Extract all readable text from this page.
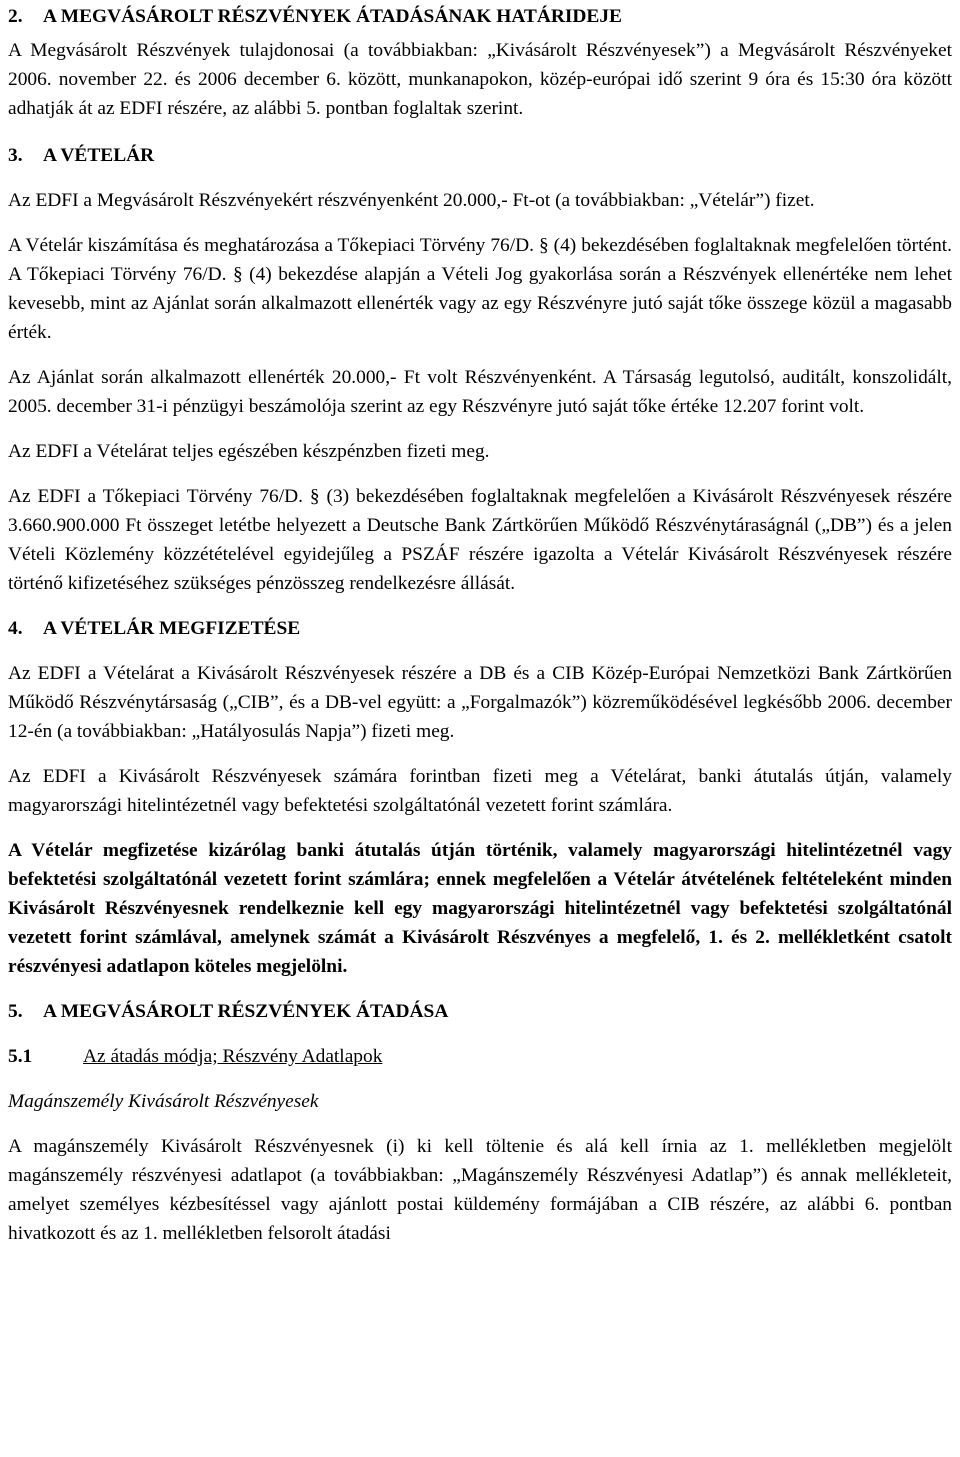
2. A MEGVÁSÁROLT RÉSZVÉNYEK ÁTADÁSÁNAK HATÁRIDEJE

A Megvásárolt Részvények tulajdonosai (a továbbiakban: „Kivásárolt Részvényesek”) a Megvásárolt Részvényeket 2006. november 22. és 2006 december 6. között, munkanapokon, közép-európai idő szerint 9 óra és 15:30 óra között adhatják át az EDFI részére, az alábbi 5. pontban foglaltak szerint.

3. A VÉTELÁR

Az EDFI a Megvásárolt Részvényekért részvényenként 20.000,- Ft-ot (a továbbiakban: „Vételár”) fizet.

A Vételár kiszámítása és meghatározása a Tőkepiaci Törvény 76/D. § (4) bekezdésében foglaltaknak megfelelően történt. A Tőkepiaci Törvény 76/D. § (4) bekezdése alapján a Vételi Jog gyakorlása során a Részvények ellenértéke nem lehet kevesebb, mint az Ajánlat során alkalmazott ellenérték vagy az egy Részvényre jutó saját tőke összege közül a magasabb érték.

Az Ajánlat során alkalmazott ellenérték 20.000,- Ft volt Részvényenként. A Társaság legutolsó, auditált, konszolidált, 2005. december 31-i pénzügyi beszámolója szerint az egy Részvényre jutó saját tőke értéke 12.207 forint volt.

Az EDFI a Vételárat teljes egészében készpénzben fizeti meg.

Az EDFI a Tőkepiaci Törvény 76/D. § (3) bekezdésében foglaltaknak megfelelően a Kivásárolt Részvényesek részére 3.660.900.000 Ft összeget letétbe helyezett a Deutsche Bank Zártkörűen Működő Részvénytáraságnál („DB”) és a jelen Vételi Közlemény közzétételével egyidejűleg a PSZÁF részére igazolta a Vételár Kivásárolt Részvényesek részére történő kifizetéséhez szükséges pénzösszeg rendelkezésre állását.

4. A VÉTELÁR MEGFIZETÉSE

Az EDFI a Vételárat a Kivásárolt Részvényesek részére a DB és a CIB Közép-Európai Nemzetközi Bank Zártkörűen Működő Részvénytársaság („CIB”, és a DB-vel együtt: a „Forgalmazók”) közreműködésével legkésőbb 2006. december 12-én (a továbbiakban: „Hatályosulás Napja”) fizeti meg.

Az EDFI a Kivásárolt Részvényesek számára forintban fizeti meg a Vételárat, banki átutalás útján, valamely magyarországi hitelintézetnél vagy befektetési szolgáltatónál vezetett forint számlára.

A Vételár megfizetése kizárólag banki átutalás útján történik, valamely magyarországi hitelintézetnél vagy befektetési szolgáltatónál vezetett forint számlára; ennek megfelelően a Vételár átvételének feltételeként minden Kivásárolt Részvényesnek rendelkeznie kell egy magyarországi hitelintézetnél vagy befektetési szolgáltatónál vezetett forint számlával, amelynek számát a Kivásárolt Részvényes a megfelelő, 1. és 2. mellékletként csatolt részvényesi adatlapon köteles megjelölni.

5. A MEGVÁSÁROLT RÉSZVÉNYEK ÁTADÁSA
5.1	Az átadás módja; Részvény Adatlapok

Magánszemély Kivásárolt Részvényesek

A magánszemély Kivásárolt Részvényesnek (i) ki kell töltenie és alá kell írnia az 1. mellékletben megjelölt magánszemély részvényesi adatlapot (a továbbiakban: „Magánszemély Részvényesi Adatlap”) és annak mellékleteit, amelyet személyes kézbesítéssel vagy ajánlott postai küldemény formájában a CIB részére, az alábbi 6. pontban hivatkozott és az 1. mellékletben felsorolt átadási
